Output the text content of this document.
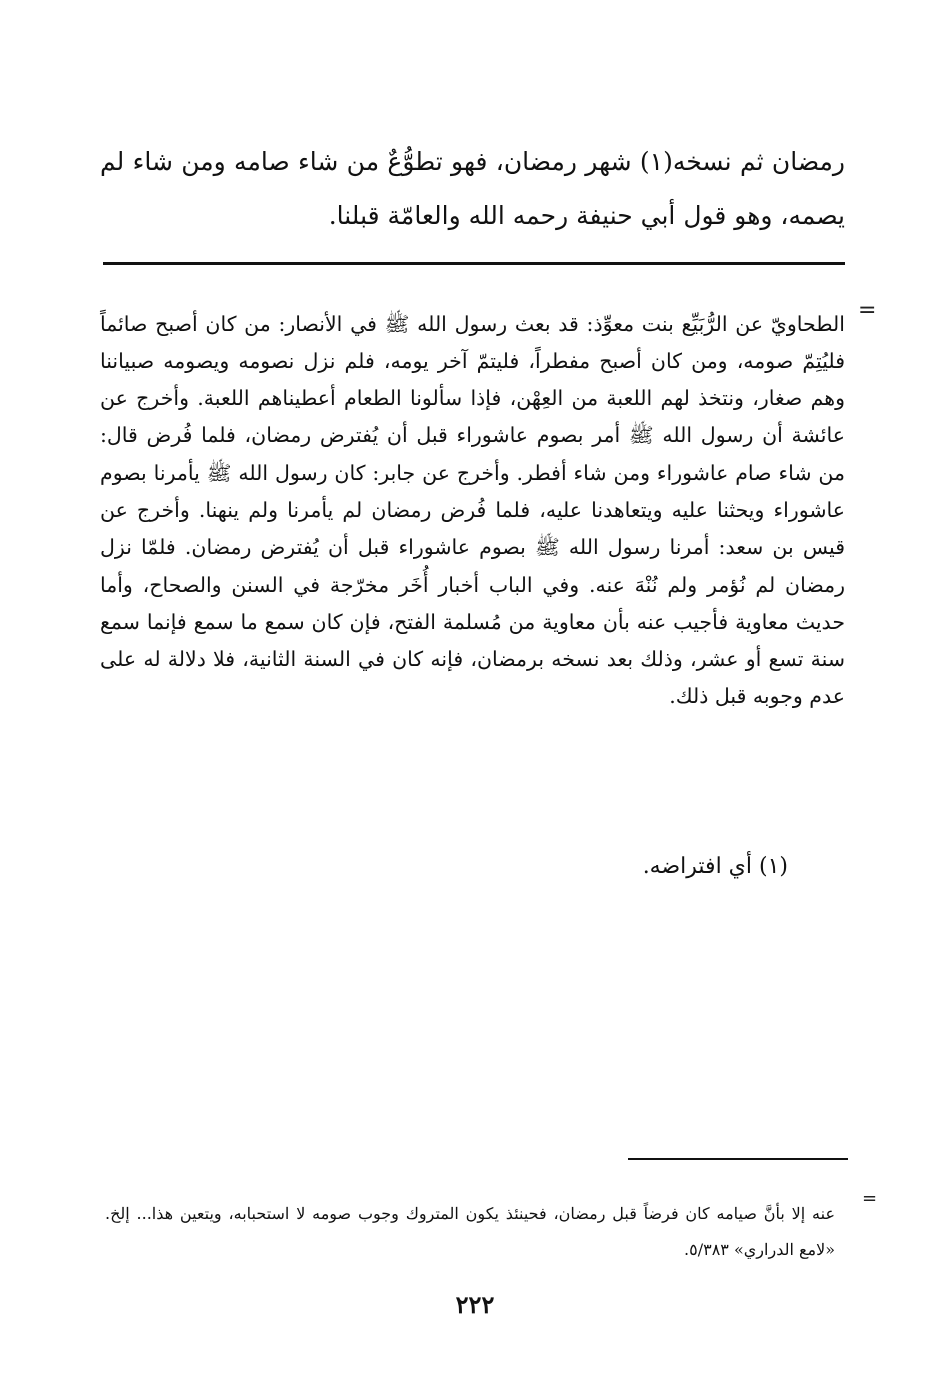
رمضان ثم نسخه(١) شهر رمضان، فهو تطوُّعٌ من شاء صامه ومن شاء لم يصمه، وهو قول أبي حنيفة رحمه الله والعامّة قبلنا.

=

الطحاويّ عن الرُّبَيِّع بنت معوِّذ: قد بعث رسول الله ﷺ في الأنصار: من كان أصبح صائماً فليُتِمّ صومه، ومن كان أصبح مفطراً، فليتمّ آخر يومه، فلم نزل نصومه ويصومه صبياننا وهم صغار، ونتخذ لهم اللعبة من العِهْن، فإذا سألونا الطعام أعطيناهم اللعبة. وأخرج عن عائشة أن رسول الله ﷺ أمر بصوم عاشوراء قبل أن يُفترض رمضان، فلما فُرض قال: من شاء صام عاشوراء ومن شاء أفطر. وأخرج عن جابر: كان رسول الله ﷺ يأمرنا بصوم عاشوراء ويحثنا عليه ويتعاهدنا عليه، فلما فُرض رمضان لم يأمرنا ولم ينهنا. وأخرج عن قيس بن سعد: أمرنا رسول الله ﷺ بصوم عاشوراء قبل أن يُفترض رمضان. فلمّا نزل رمضان لم نُؤمر ولم نُنْهَ عنه. وفي الباب أخبار أُخَر مخرّجة في السنن والصحاح، وأما حديث معاوية فأجيب عنه بأن معاوية من مُسلمة الفتح، فإن كان سمع ما سمع فإنما سمع سنة تسع أو عشر، وذلك بعد نسخه برمضان، فإنه كان في السنة الثانية، فلا دلالة له على عدم وجوبه قبل ذلك.

(١) أي افتراضه.

=

عنه إلا بأنَّ صيامه كان فرضاً قبل رمضان، فحينئذ يكون المتروك وجوب صومه لا استحبابه، ويتعين هذا... إلخ. «لامع الدراري» ٥/٣٨٣.

٢٢٢
